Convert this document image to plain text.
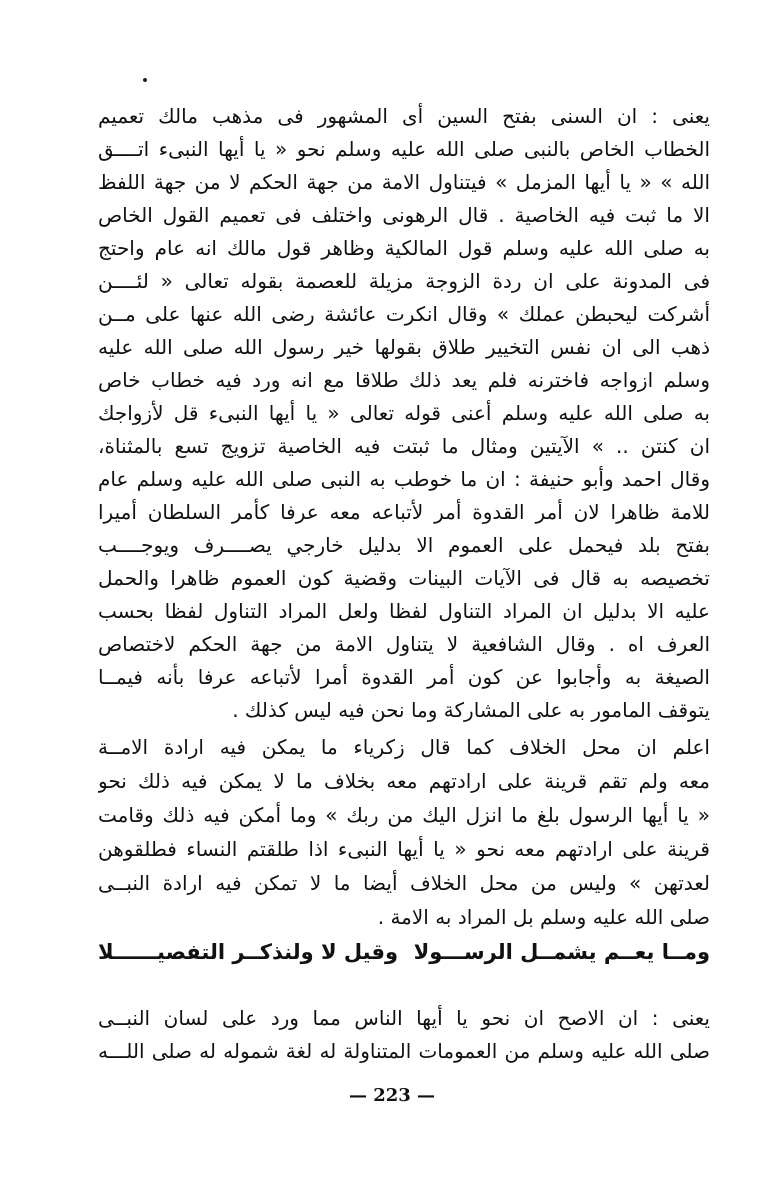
يعنى : ان السنى بفتح السين أى المشهور فى مذهب مالك تعميم
الخطاب الخاص بالنبى صلى الله عليه وسلم نحو « يا أيها النبىء اتــــق
الله » « يا أيها المزمل » فيتناول الامة من جهة الحكم لا من جهة اللفظ
الا ما ثبت فيه الخاصية . قال الرهونى واختلف فى تعميم القول الخاص
به صلى الله عليه وسلم قول المالكية وظاهر قول مالك انه عام واحتج
فى المدونة على ان ردة الزوجة مزيلة للعصمة بقوله تعالى « لئــــن
أشركت ليحبطن عملك » وقال انكرت عائشة رضى الله عنها على مــن
ذهب الى ان نفس التخيير طلاق بقولها خير رسول الله صلى الله عليه
وسلم ازواجه فاخترنه فلم يعد ذلك طلاقا مع انه ورد فيه خطاب خاص
به صلى الله عليه وسلم أعنى قوله تعالى « يا أيها النبىء قل لأزواجك
ان كنتن .. » الآيتين ومثال ما ثبتت فيه الخاصية تزويج تسع بالمثناة،
وقال احمد وأبو حنيفة : ان ما خوطب به النبى صلى الله عليه وسلم عام
للامة ظاهرا لان أمر القدوة أمر لأتباعه معه عرفا كأمر السلطان أميرا
بفتح بلد فيحمل على العموم الا بدليل خارجي يصــــرف ويوجــــب
تخصيصه به قال فى الآيات البينات وقضية كون العموم ظاهرا والحمل
عليه الا بدليل ان المراد التناول لفظا ولعل المراد التناول لفظا بحسب
العرف اه . وقال الشافعية لا يتناول الامة من جهة الحكم لاختصاص
الصيغة به وأجابوا عن كون أمر القدوة أمرا لأتباعه عرفا بأنه فيمــا
يتوقف المامور به على المشاركة وما نحن فيه ليس كذلك .
اعلم ان محل الخلاف كما قال زكرياء ما يمكن فيه ارادة الامــة
معه ولم تقم قرينة على ارادتهم معه بخلاف ما لا يمكن فيه ذلك نحو
« يا أيها الرسول بلغ ما انزل اليك من ربك » وما أمكن فيه ذلك وقامت
قرينة على ارادتهم معه نحو « يا أيها النبىء اذا طلقتم النساء فطلقوهن
لعدتهن » وليس من محل الخلاف أيضا ما لا تمكن فيه ارادة النبــى
صلى الله عليه وسلم بل المراد به الامة .
ومــا يعــم يشمــل الرســـولا
وقيل لا ولنذكــر التفصيــــــلا
يعنى : ان الاصح ان نحو يا أيها الناس مما ورد على لسان النبــى
صلى الله عليه وسلم من العمومات المتناولة له لغة شموله له صلى اللـــه
— 223 —
